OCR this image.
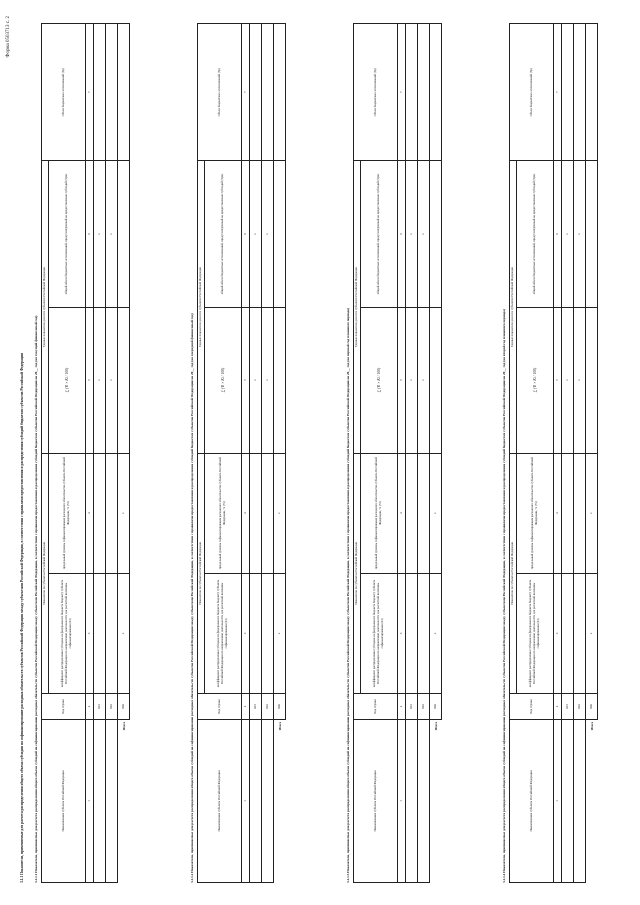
Форма 0503713 с. 2
3.1.1 Показатели, применяемые для расчета распределения общего объема субсидии на софинансирование расходных обязательств субъектов Российской Федерации между субъектами Российской Федерации, в соответствии с правилами предоставления и распределения субсидий бюджетам субъектов Российской Федерации	3.1.1.1 Показатели, применяемые для расчета распределения общего объема субсидий на софинансирование расходных обязательств субъектов Российской Федерации между субъектами Российской Федерации, в соответствии с правилами предоставления и распределения субсидий бюджетам субъектов Российской Федерации на 20__ год (на текущий финансовый год)	Наименование субъекта Российской Федерации	Код строки	Показатели по субъектам Российской Федерации		Единые показатели для всех субъектов Российской Федерации		Объем бюджетных ассигнований (Sр)
		коэффициент распределения субсидии из федерального бюджета бюджету субъекта Российской Федерации по направлению деятельности для расчетной величины софинансирования (Ki)	предельный уровень софинансирования расходного обязательства субъекта Российской Федерации, % (Yi)	∑ (Yi × Ki / 100)	общий объем бюджетных ассигнований, предусмотренный на предоставление субсидий (Sрн)	
1	2	3	4	5	6	7
	001			х	х	
	002			х	х	
Итого	900	х	х				3.1.1.2 Показатели, применяемые для расчета распределения общего объема субсидий на софинансирование расходных обязательств субъектов Российской Федерации между субъектами Российской Федерации, в соответствии с правилами предоставления и распределения субсидий бюджетам субъектов Российской Федерации на 20__ год (на очередной финансовый год)	Наименование субъекта Российской Федерации	Код строки	Показатели по субъектам Российской Федерации		Единые показатели для всех субъектов Российской Федерации		Объем бюджетных ассигнований (Sр)
		коэффициент распределения субсидии из федерального бюджета бюджету субъекта Российской Федерации по направлению деятельности для расчетной величины софинансирования (Ki)	предельный уровень софинансирования расходного обязательства субъекта Российской Федерации, % (Yi)	∑ (Yi × Ki / 100)	общий объем бюджетных ассигнований, предусмотренный на предоставление субсидий (Sрн)	
1	2	3	4	5	6	7
	001			х	х	
	002			х	х	
Итого	900	х	х				3.1.1.3 Показатели, применяемые для расчета распределения общего объема субсидий на софинансирование расходных обязательств субъектов Российской Федерации между субъектами Российской Федерации, в соответствии с правилами предоставления и распределения субсидий бюджетам субъектов Российской Федерации на 20__ год (на первый год планового периода)	Наименование субъекта Российской Федерации	Код строки	Показатели по субъектам Российской Федерации		Единые показатели для всех субъектов Российской Федерации		Объем бюджетных ассигнований (Sр)
		коэффициент распределения субсидии из федерального бюджета бюджету субъекта Российской Федерации по направлению деятельности для расчетной величины софинансирования (Ki)	предельный уровень софинансирования расходного обязательства субъекта Российской Федерации, % (Yi)	∑ (Yi × Ki / 100)	общий объем бюджетных ассигнований, предусмотренный на предоставление субсидий (Sрн)	
1	2	3	4	5	6	7
	001			х	х	
	002			х	х	
Итого	900	х	х				3.1.1.4 Показатели, применяемые для расчета распределения общего объема субсидий на софинансирование расходных обязательств субъектов Российской Федерации между субъектами Российской Федерации, в соответствии с правилами предоставления и распределения субсидий бюджетам субъектов Российской Федерации на 20__ год (на второй год планового периода)	Наименование субъекта Российской Федерации	Код строки	Показатели по субъектам Российской Федерации		Единые показатели для всех субъектов Российской Федерации		Объем бюджетных ассигнований (Sр)
		коэффициент распределения субсидии из федерального бюджета бюджету субъекта Российской Федерации по направлению деятельности для расчетной величины софинансирования (Ki)	предельный уровень софинансирования расходного обязательства субъекта Российской Федерации, % (Yi)	∑ (Yi × Ki / 100)	общий объем бюджетных ассигнований, предусмотренный на предоставление субсидий (Sрн)	
1	2	3	4	5	6	7
	001			х	х	
	002			х	х	
Итого	900	х	х			
